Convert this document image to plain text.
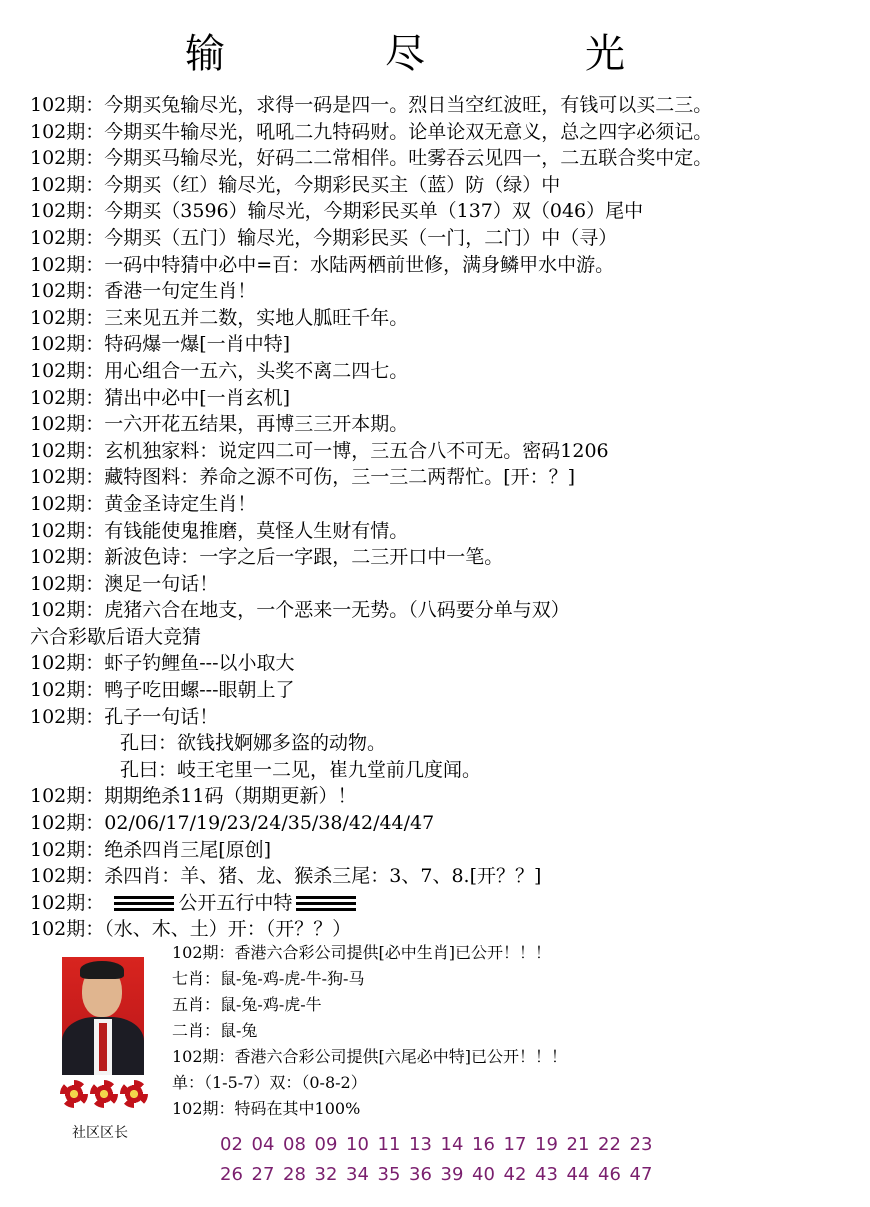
输　尽　光
102期：今期买兔输尽光，求得一码是四一。烈日当空红波旺，有钱可以买二三。
102期：今期买牛输尽光，吼吼二九特码财。论单论双无意义，总之四字必须记。
102期：今期买马输尽光，好码二二常相伴。吐雾吞云见四一，二五联合奖中定。
102期：今期买（红）输尽光，今期彩民买主（蓝）防（绿）中
102期：今期买（3596）输尽光，今期彩民买单（137）双（046）尾中
102期：今期买（五门）输尽光，今期彩民买（一门，二门）中（寻）
102期：一码中特猜中必中=百：水陆两栖前世修，满身鳞甲水中游。
102期：香港一句定生肖！
102期：三来见五并二数，实地人胍旺千年。
102期：特码爆一爆[一肖中特]
102期：用心组合一五六，头奖不离二四七。
102期：猜出中必中[一肖玄机]
102期：一六开花五结果，再博三三开本期。
102期：玄机独家料：说定四二可一博，三五合八不可无。密码1206
102期：藏特图料：养命之源不可伤，三一三二两帮忙。[开：？]
102期：黄金圣诗定生肖！
102期：有钱能使鬼推磨，莫怪人生财有情。
102期：新波色诗：一字之后一字跟，二三开口中一笔。
102期：澳足一句话！
102期：虎猪六合在地支，一个恶来一无势。（八码要分单与双）
六合彩歇后语大竞猜
102期：虾子钓鲤鱼---以小取大
102期：鸭子吃田螺---眼朝上了
102期：孔子一句话！
孔曰：欲钱找婀娜多盗的动物。
孔曰：岐王宅里一二见，崔九堂前几度闻。
102期：期期绝杀11码（期期更新）！
102期：02/06/17/19/23/24/35/38/42/44/47
102期：绝杀四肖三尾[原创]
102期：杀四肖：羊、猪、龙、猴杀三尾：3、7、8.[开？？]
102期：	公开五行中特
102期：（水、木、土）开：（开？？）
社区区长
102期：香港六合彩公司提供[必中生肖]已公开！！！
七肖：鼠-兔-鸡-虎-牛-狗-马
五肖：鼠-兔-鸡-虎-牛
二肖：鼠-兔
102期：香港六合彩公司提供[六尾必中特]已公开！！！
单：（1-5-7）双：（0-8-2）
102期：特码在其中100%
02 04 08 09 10 11 13 14 16 17 19 21 22 23
26 27 28 32 34 35 36 39 40 42 43 44 46 47
